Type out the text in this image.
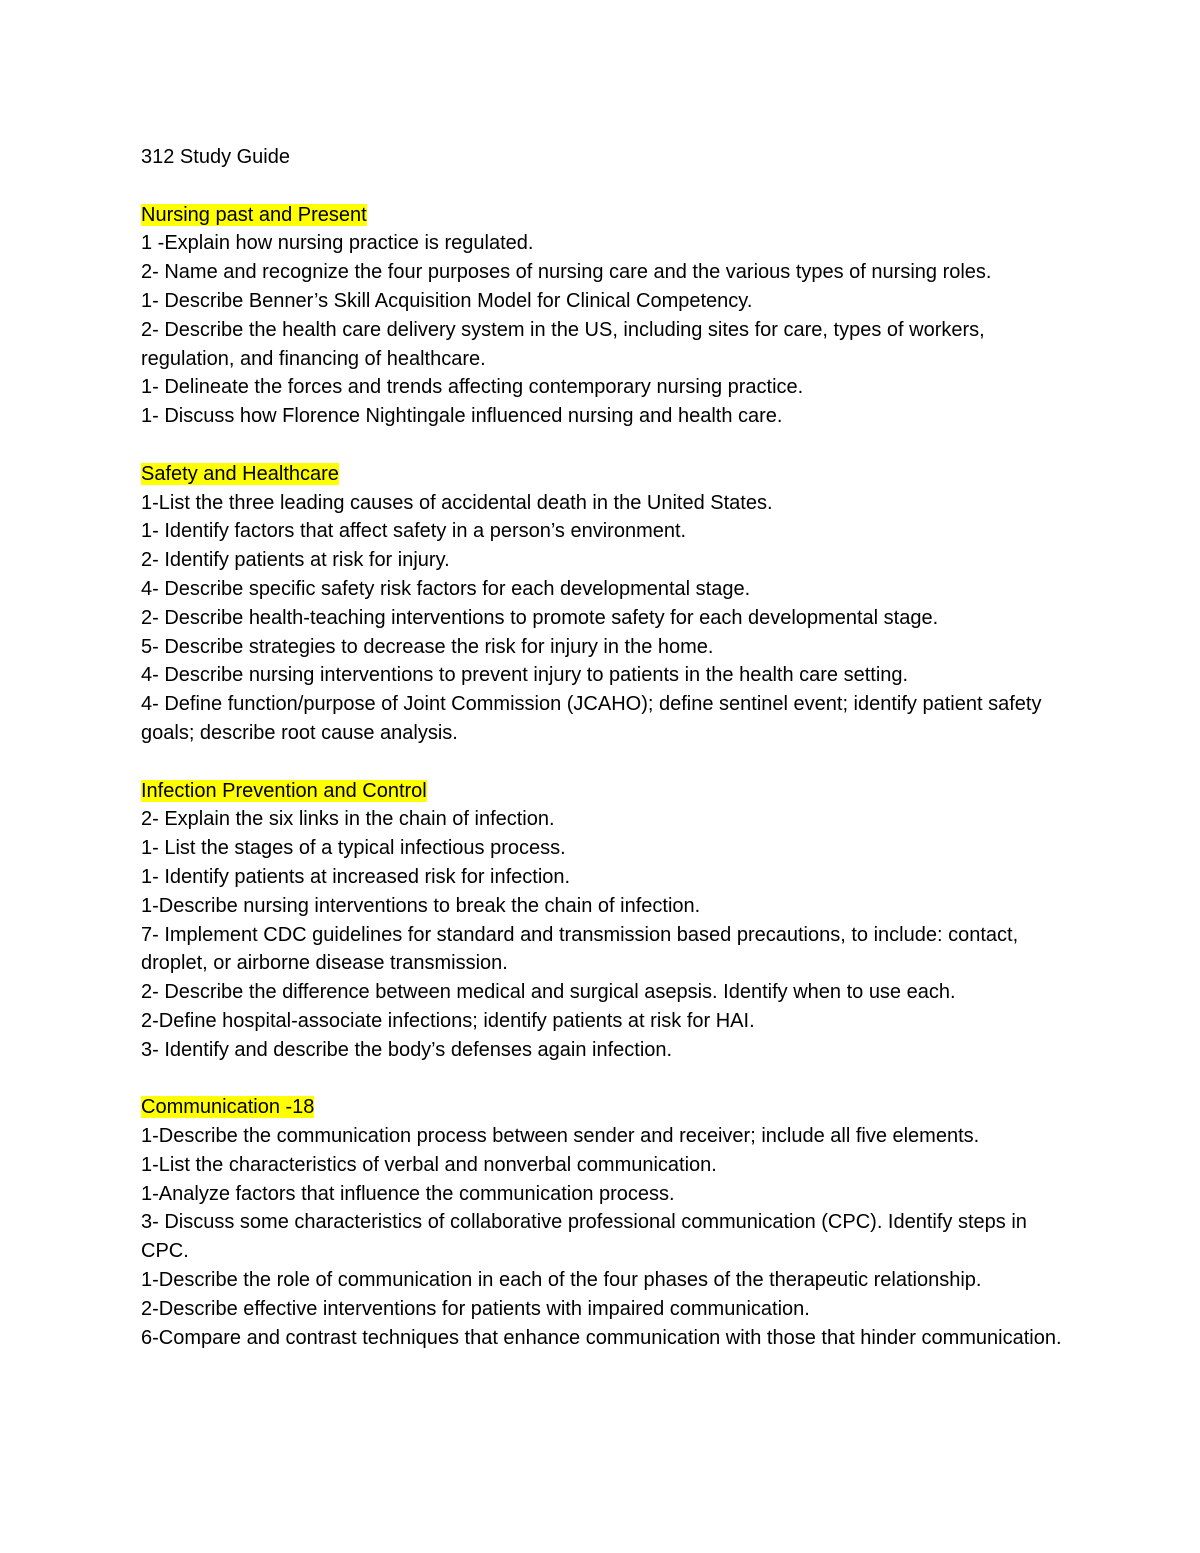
312 Study Guide
Nursing past and Present

1 -Explain how nursing practice is regulated.

2- Name and recognize the four purposes of nursing care and the various types of nursing roles.

1- Describe Benner’s Skill Acquisition Model for Clinical Competency.

2- Describe the health care delivery system in the US, including sites for care, types of workers, regulation, and financing of healthcare.

1- Delineate the forces and trends affecting contemporary nursing practice.

1- Discuss how Florence Nightingale influenced nursing and health care.

Safety and Healthcare

1-List the three leading causes of accidental death in the United States.

1- Identify factors that affect safety in a person’s environment.

2- Identify patients at risk for injury.

4- Describe specific safety risk factors for each developmental stage.

2- Describe health-teaching interventions to promote safety for each developmental stage.

5- Describe strategies to decrease the risk for injury in the home.

4- Describe nursing interventions to prevent injury to patients in the health care setting.

4- Define function/purpose of Joint Commission (JCAHO); define sentinel event; identify patient safety goals; describe root cause analysis.

Infection Prevention and Control

2- Explain the six links in the chain of infection.

1- List the stages of a typical infectious process.

1- Identify patients at increased risk for infection.

1-Describe nursing interventions to break the chain of infection.

7- Implement CDC guidelines for standard and transmission based precautions, to include: contact, droplet, or airborne disease transmission.

2- Describe the difference between medical and surgical asepsis. Identify when to use each.

2-Define hospital-associate infections; identify patients at risk for HAI.

3- Identify and describe the body’s defenses again infection.

Communication -18

1-Describe the communication process between sender and receiver; include all five elements.

1-List the characteristics of verbal and nonverbal communication.

1-Analyze factors that influence the communication process.

3- Discuss some characteristics of collaborative professional communication (CPC). Identify steps in CPC.

1-Describe the role of communication in each of the four phases of the therapeutic relationship.

2-Describe effective interventions for patients with impaired communication.

6-Compare and contrast techniques that enhance communication with those that hinder communication.
